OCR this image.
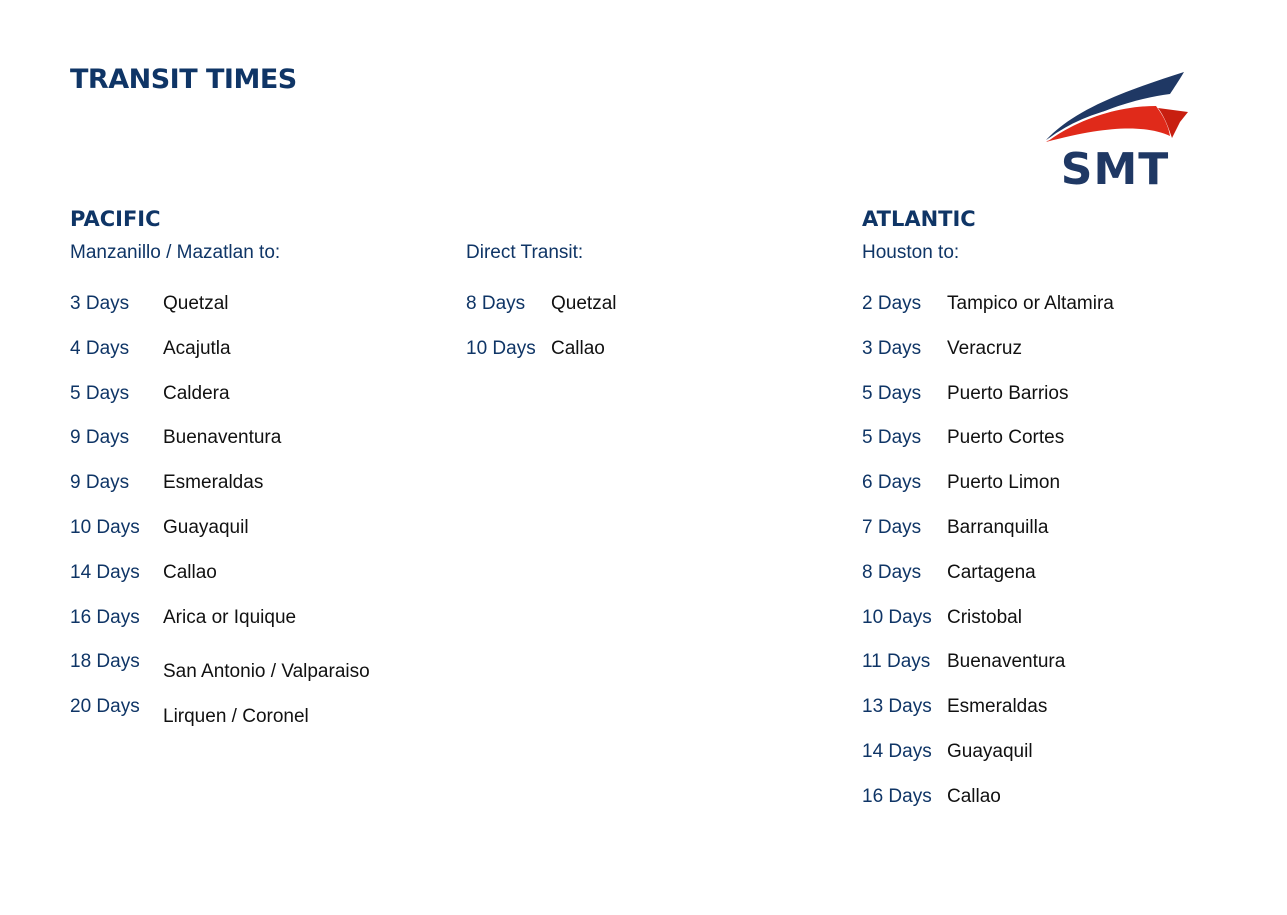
TRANSIT TIMES
SMT
PACIFIC
Manzanillo / Mazatlan to:
3 Days Quetzal
4 Days Acajutla
5 Days Caldera
9 Days Buenaventura
9 Days Esmeraldas
10 Days Guayaquil
14 Days Callao
16 Days Arica or Iquique
18 Days San Antonio / Valparaiso
20 Days Lirquen / Coronel
Direct Transit:
8 Days Quetzal
10 Days Callao
ATLANTIC
Houston to:
2 Days Tampico or Altamira
3 Days Veracruz
5 Days Puerto Barrios
5 Days Puerto Cortes
6 Days Puerto Limon
7 Days Barranquilla
8 Days Cartagena
10 Days Cristobal
11 Days Buenaventura
13 Days Esmeraldas
14 Days Guayaquil
16 Days Callao
